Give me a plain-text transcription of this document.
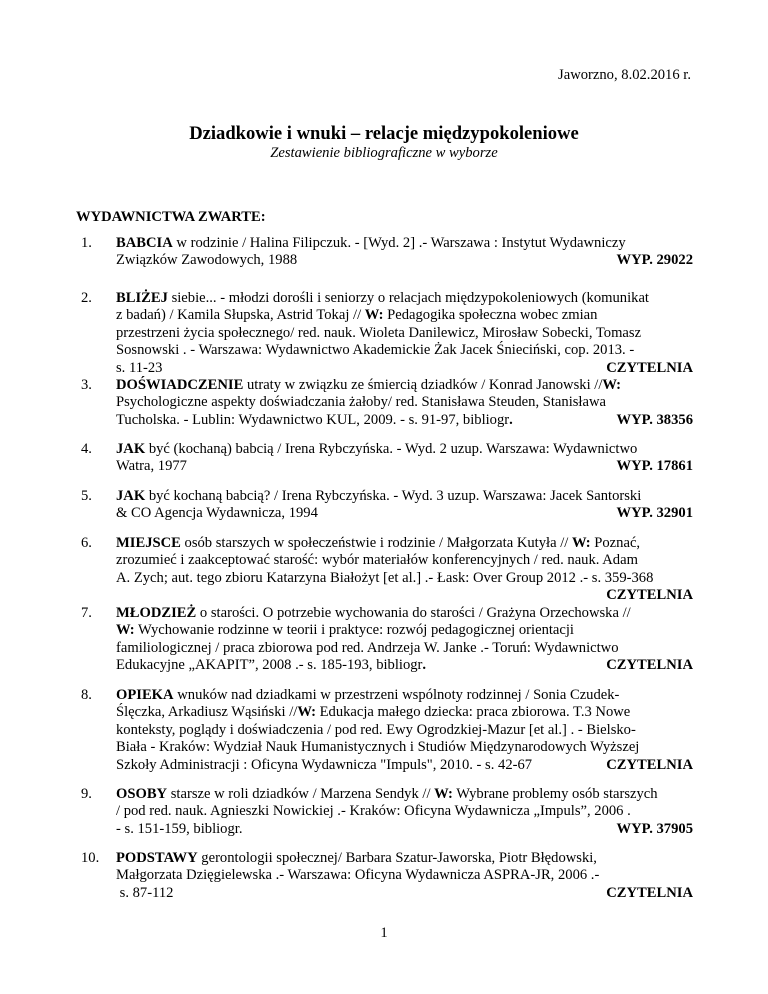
Jaworzno, 8.02.2016 r.
Dziadkowie i wnuki – relacje międzypokoleniowe
Zestawienie bibliograficzne w wyborze
WYDAWNICTWA ZWARTE:
1. BABCIA w rodzinie / Halina Filipczuk. - [Wyd. 2] .- Warszawa : Instytut Wydawniczy
Związków Zawodowych, 1988	WYP. 29022
2. BLIŻEJ siebie... - młodzi dorośli i seniorzy o relacjach międzypokoleniowych (komunikat
z badań) / Kamila Słupska, Astrid Tokaj // W: Pedagogika społeczna wobec zmian
przestrzeni życia społecznego/ red. nauk. Wioleta Danilewicz, Mirosław Sobecki, Tomasz
Sosnowski . - Warszawa: Wydawnictwo Akademickie Żak Jacek Śnieciński, cop. 2013. -
s. 11-23	CZYTELNIA
3. DOŚWIADCZENIE utraty w związku ze śmiercią dziadków / Konrad Janowski //W:
Psychologiczne aspekty doświadczania żałoby/ red. Stanisława Steuden, Stanisława
Tucholska. - Lublin: Wydawnictwo KUL, 2009. - s. 91-97, bibliogr.	WYP. 38356
4. JAK być (kochaną) babcią / Irena Rybczyńska. - Wyd. 2 uzup. Warszawa: Wydawnictwo
Watra, 1977	WYP. 17861
5. JAK być kochaną babcią? / Irena Rybczyńska. - Wyd. 3 uzup. Warszawa: Jacek Santorski
& CO Agencja Wydawnicza, 1994	WYP. 32901
6. MIEJSCE osób starszych w społeczeństwie i rodzinie / Małgorzata Kutyła // W: Poznać,
zrozumieć i zaakceptować starość: wybór materiałów konferencyjnych / red. nauk. Adam
A. Zych; aut. tego zbioru Katarzyna Białożyt [et al.] .- Łask: Over Group 2012 .- s. 359-368
CZYTELNIA
7. MŁODZIEŻ o starości. O potrzebie wychowania do starości / Grażyna Orzechowska //
W: Wychowanie rodzinne w teorii i praktyce: rozwój pedagogicznej orientacji
familiologicznej / praca zbiorowa pod red. Andrzeja W. Janke .- Toruń: Wydawnictwo
Edukacyjne „AKAPIT”, 2008 .- s. 185-193, bibliogr.	CZYTELNIA
8. OPIEKA wnuków nad dziadkami w przestrzeni wspólnoty rodzinnej / Sonia Czudek-
Ślęczka, Arkadiusz Wąsiński //W: Edukacja małego dziecka: praca zbiorowa. T.3 Nowe
konteksty, poglądy i doświadczenia / pod red. Ewy Ogrodzkiej-Mazur [et al.] . - Bielsko-
Biała - Kraków: Wydział Nauk Humanistycznych i Studiów Międzynarodowych Wyższej
Szkoły Administracji : Oficyna Wydawnicza "Impuls", 2010. - s. 42-67	CZYTELNIA
9. OSOBY starsze w roli dziadków / Marzena Sendyk // W: Wybrane problemy osób starszych
/ pod red. nauk. Agnieszki Nowickiej .- Kraków: Oficyna Wydawnicza „Impuls”, 2006 .
- s. 151-159, bibliogr.	WYP. 37905
10. PODSTAWY gerontologii społecznej/ Barbara Szatur-Jaworska, Piotr Błędowski,
Małgorzata Dzięgielewska .- Warszawa: Oficyna Wydawnicza ASPRA-JR, 2006 .-
s. 87-112	CZYTELNIA
1
